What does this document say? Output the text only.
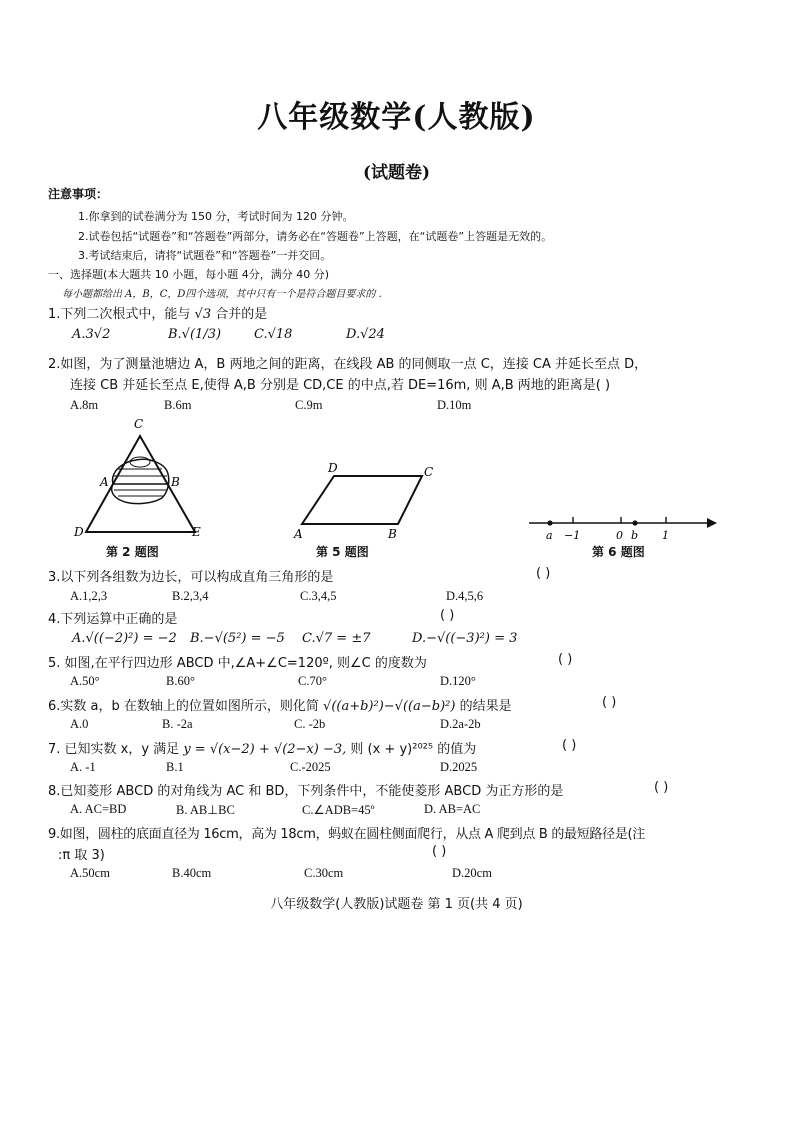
八年级数学(人教版)
(试题卷)
注意事项：
1.你拿到的试卷满分为 150 分，考试时间为 120 分钟。
2.试卷包括“试题卷”和“答题卷”两部分，请务必在“答题卷”上答题，在“试题卷”上答题是无效的。
3.考试结束后，请将“试题卷”和“答题卷”一并交回。
一、选择题(本大题共 10 小题，每小题 4分，满分 40 分)
每小题都给出 A，B，C，D四个选项，其中只有一个是符合题目要求的 .
1.下列二次根式中，能与 √3 合并的是
A.3√2	B.√(1/3)	C.√18	D.√24
2.如图，为了测量池塘边 A，B 两地之间的距离，在线段 AB 的同侧取一点 C，连接 CA 并延长至点 D，
连接 CB 并延长至点 E,使得 A,B 分别是 CD,CE 的中点,若 DE=16m, 则 A,B 两地的距离是( )
A.8m	B.6m	C.9m	D.10m
C
A	B
D	E
第 2 题图
D	C
A	B
第 5 题图
a −1	0 b 1
第 6 题图
3.以下列各组数为边长，可以构成直角三角形的是	( )
A.1,2,3	B.2,3,4	C.3,4,5	D.4,5,6
4.下列运算中正确的是	( )
A.√((−2)²) = −2 B.−√(5²) = −5 C.√7 = ±7	D.−√((−3)²) = 3
5. 如图,在平行四边形 ABCD 中,∠A+∠C=120º, 则∠C 的度数为	( )
A.50°	B.60°	C.70°	D.120°
6.实数 a，b 在数轴上的位置如图所示，则化简 √((a+b)²)−√((a−b)²) 的结果是	( )
A.0	B. -2a	C. -2b	D.2a-2b
7. 已知实数 x，y 满足 y = √(x−2) + √(2−x) −3, 则 (x + y)²⁰²⁵ 的值为	( )
A. -1	B.1	C.-2025	D.2025
8.已知菱形 ABCD 的对角线为 AC 和 BD，下列条件中，不能使菱形 ABCD 为正方形的是	( )
A. AC=BD	B. AB⊥BC	C.∠ADB=45º	D. AB=AC
9.如图，圆柱的底面直径为 16cm，高为 18cm，蚂蚁在圆柱侧面爬行，从点 A 爬到点 B 的最短路径是(注
:π 取 3)	( )
A.50cm	B.40cm	C.30cm	D.20cm
八年级数学(人教版)试题卷 第 1 页(共 4 页)
